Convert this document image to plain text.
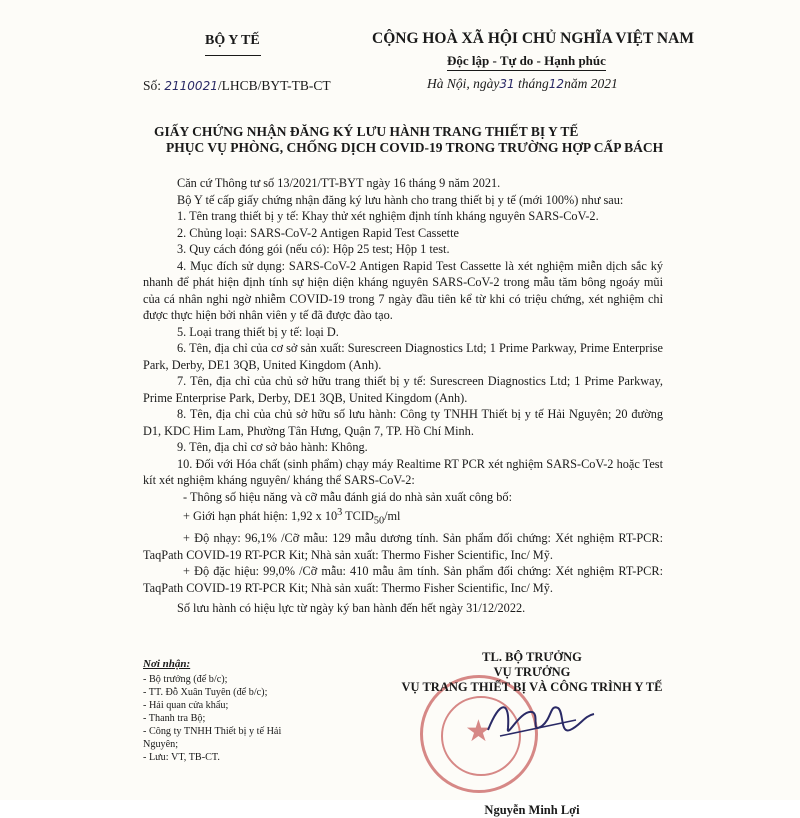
BỘ Y TẾ	CỘNG HOÀ XÃ HỘI CHỦ NGHĨA VIỆT NAM
Độc lập - Tự do - Hạnh phúc
Số: 2110021/LHCB/BYT-TB-CT	Hà Nội, ngày31 tháng12năm 2021
GIẤY CHỨNG NHẬN ĐĂNG KÝ LƯU HÀNH TRANG THIẾT BỊ Y TẾ
PHỤC VỤ PHÒNG, CHỐNG DỊCH COVID-19 TRONG TRƯỜNG HỢP CẤP BÁCH

Căn cứ Thông tư số 13/2021/TT-BYT ngày 16 tháng 9 năm 2021.

Bộ Y tế cấp giấy chứng nhận đăng ký lưu hành cho trang thiết bị y tế (mới 100%) như sau:

1. Tên trang thiết bị y tế: Khay thử xét nghiệm định tính kháng nguyên SARS-CoV-2.

2. Chủng loại: SARS-CoV-2 Antigen Rapid Test Cassette

3. Quy cách đóng gói (nếu có): Hộp 25 test; Hộp 1 test.

4. Mục đích sử dụng: SARS-CoV-2 Antigen Rapid Test Cassette là xét nghiệm miễn dịch sắc ký nhanh để phát hiện định tính sự hiện diện kháng nguyên SARS-CoV-2 trong mẫu tăm bông ngoáy mũi của cá nhân nghi ngờ nhiễm COVID-19 trong 7 ngày đầu tiên kể từ khi có triệu chứng, xét nghiệm chỉ được thực hiện bởi nhân viên y tế đã được đào tạo.

5. Loại trang thiết bị y tế: loại D.

6. Tên, địa chỉ của cơ sở sản xuất: Surescreen Diagnostics Ltd; 1 Prime Parkway, Prime Enterprise Park, Derby, DE1 3QB, United Kingdom (Anh).

7. Tên, địa chỉ của chủ sở hữu trang thiết bị y tế: Surescreen Diagnostics Ltd; 1 Prime Parkway, Prime Enterprise Park, Derby, DE1 3QB, United Kingdom (Anh).

8. Tên, địa chỉ của chủ sở hữu số lưu hành: Công ty TNHH Thiết bị y tế Hải Nguyên; 20 đường D1, KDC Him Lam, Phường Tân Hưng, Quận 7, TP. Hồ Chí Minh.

9. Tên, địa chỉ cơ sở bảo hành: Không.

10. Đối với Hóa chất (sinh phẩm) chạy máy Realtime RT PCR xét nghiệm SARS-CoV-2 hoặc Test kít xét nghiệm kháng nguyên/ kháng thể SARS-CoV-2:

- Thông số hiệu năng và cỡ mẫu đánh giá do nhà sản xuất công bố:

+ Giới hạn phát hiện: 1,92 x $10^3$ $TCID_{50}/ml$

+ Độ nhạy: 96,1% /Cỡ mẫu: 129 mẫu dương tính. Sản phẩm đối chứng: Xét nghiệm RT-PCR: TaqPath COVID-19 RT-PCR Kit; Nhà sản xuất: Thermo Fisher Scientific, Inc/ Mỹ.

+ Độ đặc hiệu: 99,0% /Cỡ mẫu: 410 mẫu âm tính. Sản phẩm đối chứng: Xét nghiệm RT-PCR: TaqPath COVID-19 RT-PCR Kit; Nhà sản xuất: Thermo Fisher Scientific, Inc/ Mỹ.

Số lưu hành có hiệu lực từ ngày ký ban hành đến hết ngày 31/12/2022.

Nơi nhận:
- Bộ trưởng (để b/c);
- TT. Đỗ Xuân Tuyên (để b/c);
- Hải quan cửa khẩu;
- Thanh tra Bộ;
- Công ty TNHH Thiết bị y tế Hải
Nguyên;
- Lưu: VT, TB-CT.
★
TL. BỘ TRƯỞNG
VỤ TRƯỞNG
VỤ TRANG THIẾT BỊ VÀ CÔNG TRÌNH Y TẾ
Nguyễn Minh Lợi
